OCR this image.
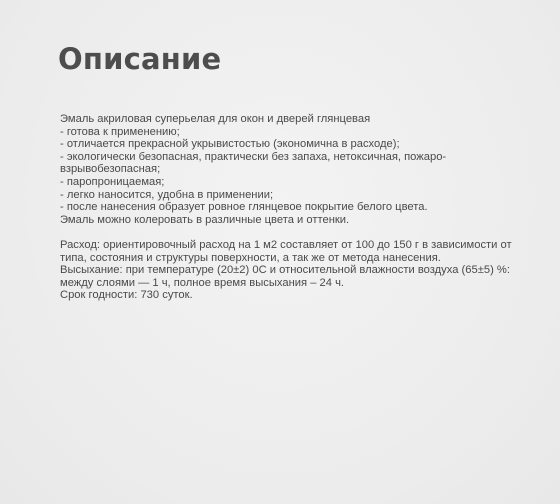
Описание
Эмаль акриловая суперьелая для окон и дверей глянцевая
- готова к применению;
- отличается прекрасной укрывистостью (экономична в расходе);
- экологически безопасная, практически без запаха, нетоксичная, пожаро-
взрывобезопасная;
- паропроницаемая;
- легко наносится, удобна в применении;
- после нанесения образует ровное глянцевое покрытие белого цвета.
Эмаль можно колеровать в различные цвета и оттенки.
Расход: ориентировочный расход на 1 м2 составляет от 100 до 150 г в зависимости от
типа, состояния и структуры поверхности, а так же от метода нанесения.
Высыхание: при температуре (20±2) 0С и относительной влажности воздуха (65±5) %:
между слоями — 1 ч, полное время высыхания – 24 ч.
Срок годности: 730 суток.
